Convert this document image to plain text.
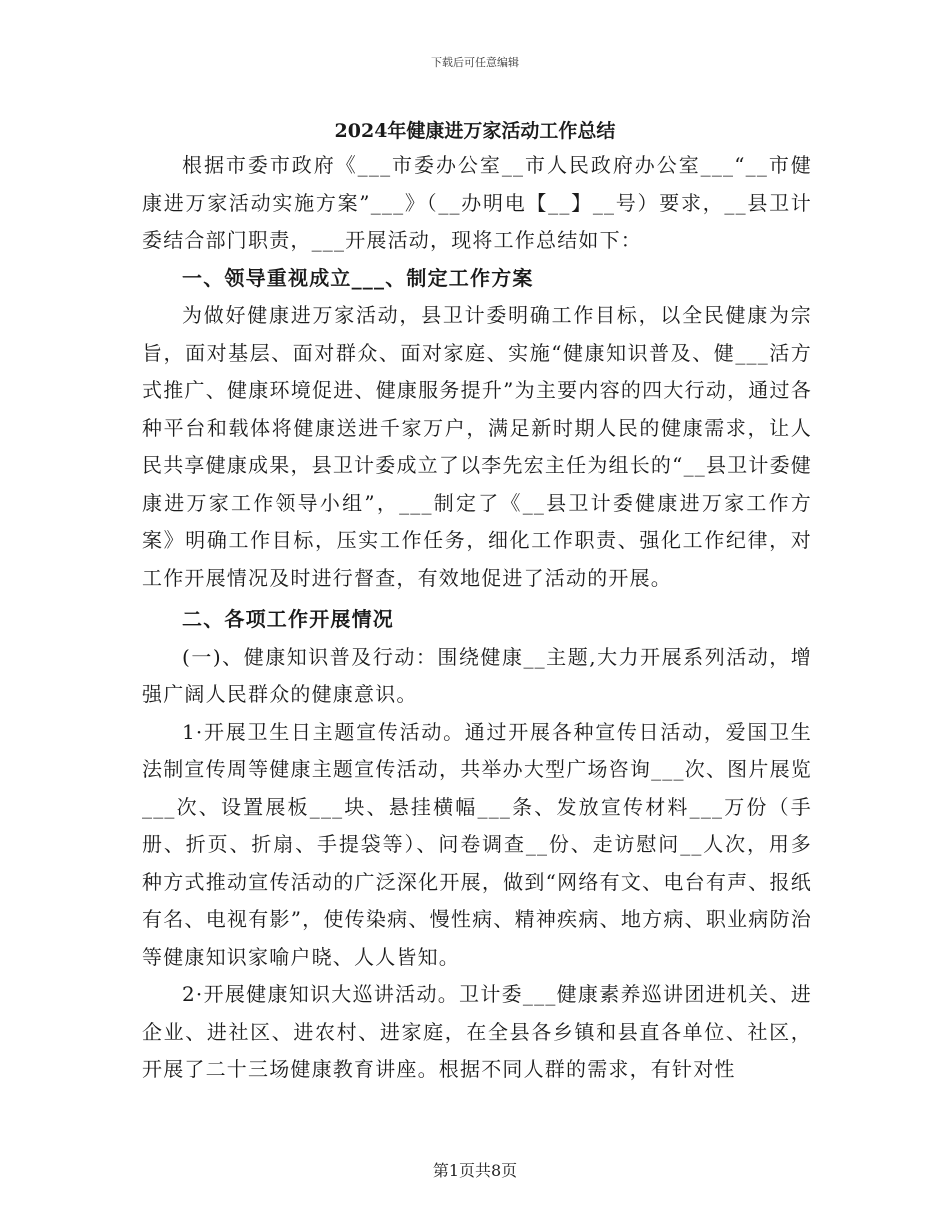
下载后可任意编辑
2024年健康进万家活动工作总结

根据市委市政府《___市委办公室__市人民政府办公室___“__市健康进万家活动实施方案”___》（__办明电【__】__号）要求，__县卫计委结合部门职责，___开展活动，现将工作总结如下：

一、领导重视成立___、制定工作方案

为做好健康进万家活动，县卫计委明确工作目标，以全民健康为宗旨，面对基层、面对群众、面对家庭、实施“健康知识普及、健___活方式推广、健康环境促进、健康服务提升”为主要内容的四大行动，通过各种平台和载体将健康送进千家万户，满足新时期人民的健康需求，让人民共享健康成果，县卫计委成立了以李先宏主任为组长的“__县卫计委健康进万家工作领导小组”，___制定了《__县卫计委健康进万家工作方案》明确工作目标，压实工作任务，细化工作职责、强化工作纪律，对工作开展情况及时进行督查，有效地促进了活动的开展。

二、各项工作开展情况

(一)、健康知识普及行动：围绕健康__主题,大力开展系列活动，增强广阔人民群众的健康意识。

1·开展卫生日主题宣传活动。通过开展各种宣传日活动，爱国卫生法制宣传周等健康主题宣传活动，共举办大型广场咨询___次、图片展览___次、设置展板___块、悬挂横幅___条、发放宣传材料___万份（手册、折页、折扇、手提袋等）、问卷调查__份、走访慰问__人次，用多种方式推动宣传活动的广泛深化开展，做到“网络有文、电台有声、报纸有名、电视有影”，使传染病、慢性病、精神疾病、地方病、职业病防治等健康知识家喻户晓、人人皆知。

2·开展健康知识大巡讲活动。卫计委___健康素养巡讲团进机关、进企业、进社区、进农村、进家庭，在全县各乡镇和县直各单位、社区，开展了二十三场健康教育讲座。根据不同人群的需求，有针对性

第1页共8页
